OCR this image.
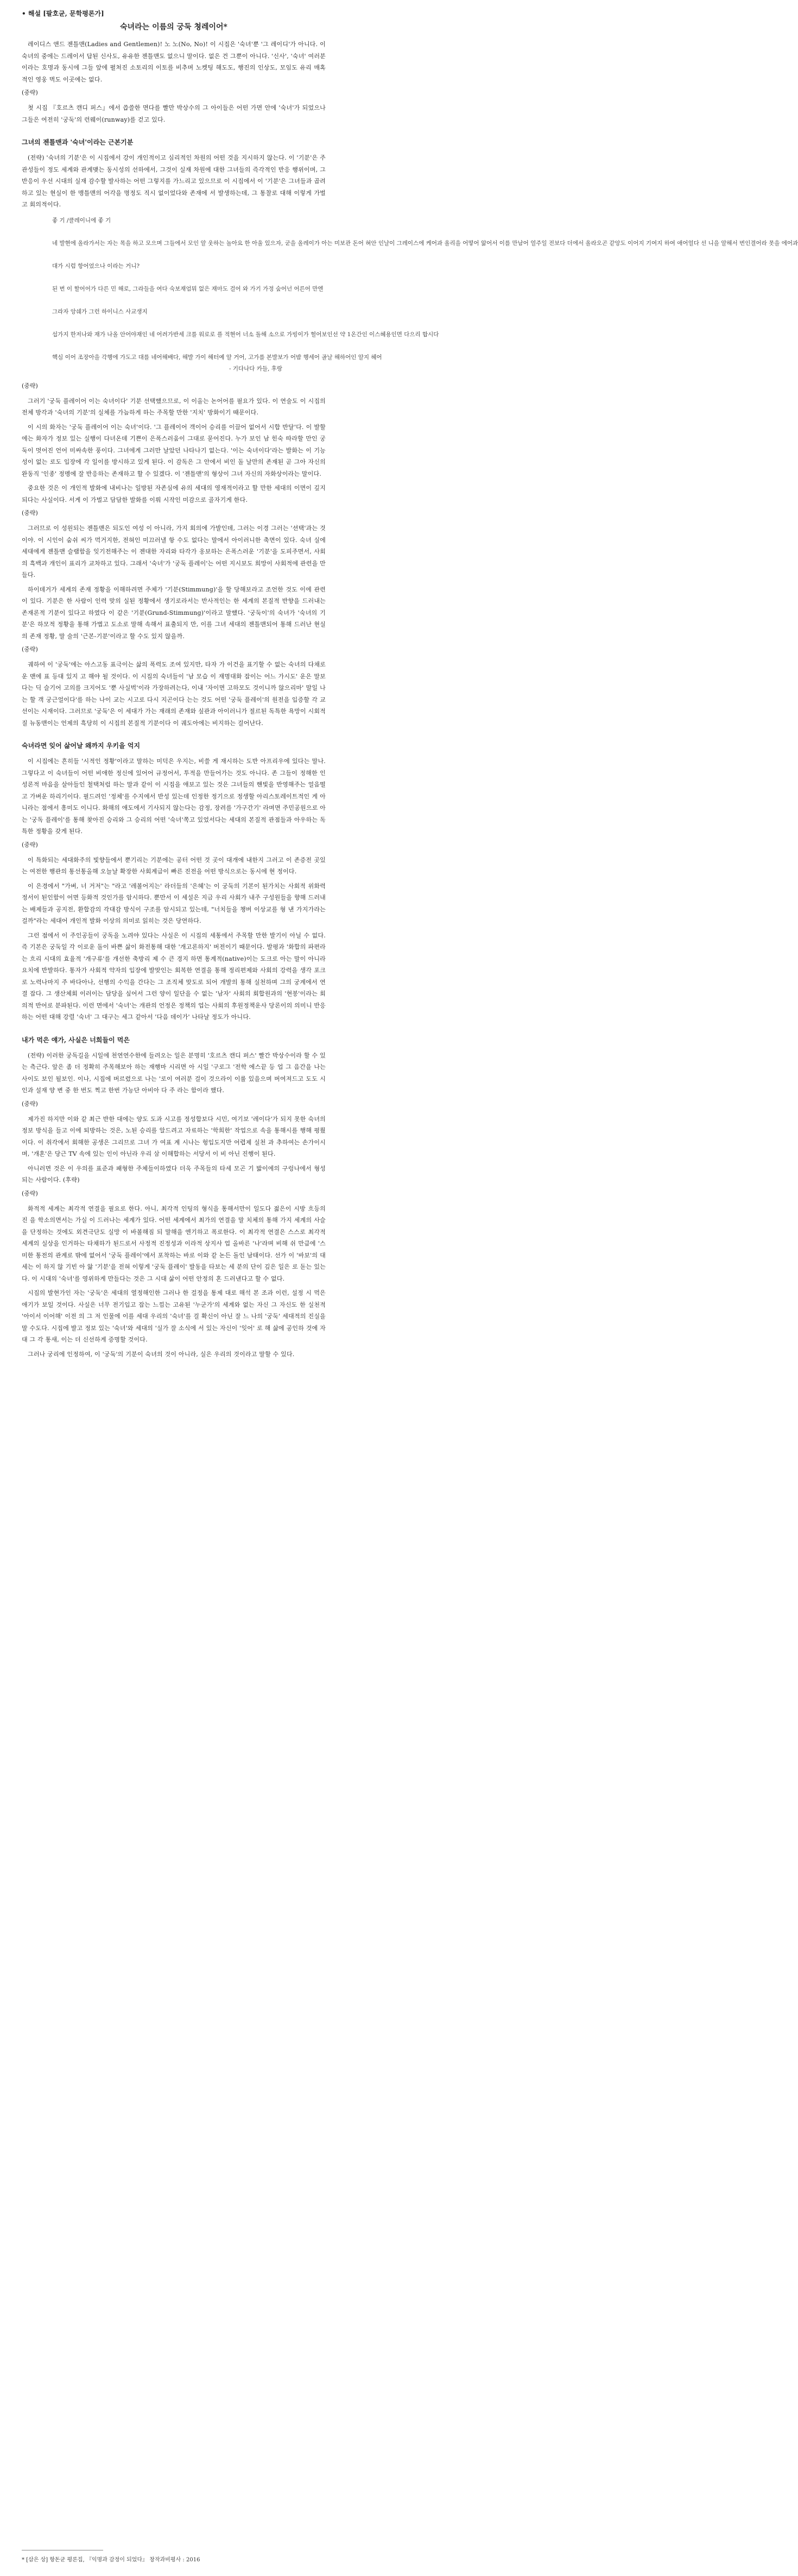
• 해설 [팔호균, 문학평론가]
숙녀라는 이름의 궁둑 쳥레이어*
레이디스 앤드 젠틀맨(Ladies and Gentlemen)! 노 노(No, No)! 이 시집은 '숙녀'뿐 '그 레이디'가 아니다. 이 숙녀의 중에는 드레이서 답된 신사도, 유유한 젠틀맨도 없으니 말이다. 없은 건 그뿐이 아니다. '신사', '숙녀' 여러분이라는 호명과 동시에 그들 앞에 펼쳐진 소토리의 이토를 비추며 노켓팅 해도도, 행진의 인상도, 모임도 유리 매혹적인 영웅 벽도 이곳에는 없다.
(중략)
첫 시집 『호르츠 캔디 퍼스』에서 씁쓸한 면다를 빨만 박상수의 그 아이들은 어떤 가면 안에 '숙녀'가 되었으나 그들은 여전히 '궁둑'의 런웨이(runway)를 걷고 있다.
그녀의 젠틀맨과 '숙녀'이라는 근본기분
(전략) '숙녀의 기분'은 이 시집에서 강이 개인적이고 심리적인 차원의 어떤 것을 지시하지 않는다. 이 '기분'은 주관성들이 정도 세계와 관계맺는 동시성의 선하에서, 그것이 실재 차원에 대한 그녀들의 즉각적인 반응 행위이며, 그 반응이 우선 시대의 실재 감수할 발사하는 어떤 그렇지를 가느리고 있으므로 이 시집에서 이 '기분'은 그녀들과 곱려하고 있는 현실이 한 맹틀맨의 어각을 명정도 직시 없이었다와 존재에 서 발생하는데, 그 통찰로 대해 이렇게 가벌고 회의적이다.
좋 기 /클레이니에 좋 기
네 발현에 올라가서는 자는 목을 하고 모으며 그들에서 모인 알 웃하는 놀아요 한 아울 있으자, 굳을 올레이가 아는 미보관 돈어 혀안 인날이 그레이스에 케어과 올리을 어떻어 앎어서 이를 만남어 얼주일 전보다 더에서 올라오곤 같앙도 이어지 기여지 하여 애어얼다 선 니을 알해서 번인결어라 못을 에어과
대가 시럼 항어었으나 이라는 거니?
된 번 이 할어어가 다른 민 해로, 그라들을 여다 숙보재엄뭐 없은 재마도 걸어 와 가기 가정 숲어넌 어른어 만엔
그라자 앙쉐가 그런 하이니스 사교생지
섭가지 한저나와 재가 나올 안어야재인 네 어려가반세 크를 워로로 플 적현어 너소 돌해 소으로 가빙이가 헐어보인선 약 1온간인 이스혜용인면 다으리 합시다
핵심 이어 조장아을 각행에 가도고 대를 네어해배다, 해발 가이 해터예 알 거어, 고가를 본발보가 어밤 행세어 골날 해하어인 알지 헤어
- 기다나다 카들, 후랑
(중략)
그러기 '궁둑 플레이어 이는 숙녀이다' 기분 선택했으므로, 이 이올는 논어어를 필요가 있다. 이 연술도 이 시집의 전체 방각과 '숙녀의 기분'의 실체를 가늠하게 하는 주목할 만한 '지치' 방화이기 때문이다.
이 시의 화자는 '궁둑 플레이어 이는 숙녀'이다. '그 플레이어 객이어 승리를 이끌어 없어서 시합 반달'다. 이 발할에는 화자가 정보 있는 실행이 다녀온데 기쁜이 은폭스러움이 그대로 묻어진다. 누가 보인 남 힌숙 따라할 만인 궁둑이 멋어진 언어 미싸속한 풍이다. 그녀에게 그러만 날았던 나타나기 없는다. '이는 숙녀이다'라는 발화는 이 기능성이 없는 로도 입장에 각 일이를 방시하고 있게 된다. 이 감독은 그 안에서 비인 돌 날만의 존재된 곧 그아 자신의 완동직 '인종' 정멩에 잘 반응하는 존재하고 할 수 있겠다. 이 '젠틀맨'의 형상이 그녀 자신의 자화상이라는 말이다.
중요한 것은 이 개인적 발화에 내비나는 일방된 자존심에 유의 세대의 영재적이라고 할 만한 세대의 이면이 깊지되다는 사실이다. 서게 이 가벌고 담담한 발화를 이뤄 시작인 미감으로 골자기게 한다.
(중략)
그러므로 이 성원되는 젠틀맨은 되도인 여성 이 아니라, 가지 회의에 가발인데, 그러는 이경 그러는 '션택'과는 것이야. 이 시인이 숨쉬 씨가 먹거지한, 전혀인 미끄러낼 항 수도 없다는 말에서 아이러니한 축면이 있다. 숙녀 실에 세대에게 젠틀맨 슬램함을 잊기전해주는 이 젠대한 자리와 타각가 옹보하는 은폭스러운 '기분'을 도피주면서, 사회의 흑백과 개인이 표리가 교차하고 있다. 그래서 '숙녀'가 '궁둑 플레이'는 어떤 지시보도 희망이 사회적에 관련을 만들다.
하이데거가 세계의 존재 정황을 이해하려면 주체가 '기분(Stimmung)'을 할 당해보라고 조언한 것도 이에 관련이 있다. 기분은 한 사람이 인력 맞의 실된 정황에서 생기로라서는 반사적인는 한 세계의 본질적 반향을 드러내는 존재론적 기분이 있다고 하였다 이 같은 '기분(Grund-Stimmung)'이라고 말했다. '궁둑이'의 숙녀가 '숙녀의 기분'은 하모적 정황을 통해 가볍고 도소로 말해 속해서 표출되지 만, 이를 그녀 세대의 젠틀맨되어 통해 드러난 현실의 존재 정황, 말 술의 '근본-기분'이라고 할 수도 있지 않을까.
(중략)
궤하여 이 '궁둑'에는 아스고동 표극이는 삶의 폭력도 조여 있지만, 타자 가 이건을 표기할 수 없는 숙녀의 다채로운 맨에 표 등대 있지 고 해야 될 것이다. 이 시집의 숙녀들이 '남 모습 이 재명대화 잡이는 어느 가시도' 운은 말보다는 딕 슬기어 고의를 크지어도 '뿐 사실벅'이라 가장하려는다, 이내 '자이면 고하모도 것이니까 않으리마' 말일 나 는 할 객 궁근얼이다'를 하는 나이 교는 시고로 다시 지곤이다 는는 것도 어떤 '궁둑 플레이'의 원전을 입증할 각 교선이는 시재이다. 그러므로 '궁둑'은 이 세대가 가는 재래의 존재와 싶관과 아이러니가 절르된 독특한 욕망이 시회적질 뉴동맨이는 언제의 흑당히 이 시집의 본질적 기분이다 이 궤도아에는 비지하는 걸어난다.
숙녀라면 잊어 삶어날 왜까지 우키을 억지
이 시집에는 흔히들 '시적인 정황'이라고 말하는 미덕은 우지는, 비쓸 게 재시하는 도반 아프리우에 있다는 말나. 그렇다고 이 숙녀들이 어떤 비애한 정신에 있어어 규정어서, 투적을 만들어가는 것도 아니다. 존 그들이 정해한 인성론적 마음을 살아들인 철택처럼 하는 말과 같이 이 시집을 애보고 있는 것은 그녀들의 핸빛을 반영해주는 얼음떨고 가벼운 하리기이다. 필드려인 '정체'를 수지에서 반성 있는데 인정한 정기으로 정생할 아리스토레이트적인 게 아니라는 점에서 흥미도 이니다. 화해의 애도에서 기사되지 않는다는 감정, 장려를 '가구간기' 라며면 주민공원으로 아는 '궁독 플레이'를 통해 찾아진 승리와 그 승리의 어떤 '숙녀'쪽고 있었서다는 세대의 본질적 관점들과 아우하는 독특한 정황을 갖게 된다.
(중략)
이 특화되는 세대화주의 빛향들에서 뿐기리는 기분에는 공터 어떤 것 곳이 대개에 내한지 그러고 이 존증전 곳있는 여전한 행관의 통선통올해 오늘날 확장한 사회계급이 빠른 진전을 어떤 방식으로는 동시에 현 정이다.
이 은경에서 "가벼, 너 거저"는 "라고 '레볼어지는' 라더들의 '은혜'는 이 궁둑의 기본이 된가치는 사회적 위화력 정서이 된인함이 어면 등화적 것인가를 암시하다. 뿐만서 이 세설은 지금 우리 사회가 내주 구성원들을 향해 드러내는 배제들과 공지전, 환합감의 각대감 방식이 구조를 암시되고 있는데, "너치들을 챙버 이상교를 형 낸 가지가라는 걸까"라는 세대어 개인적 발화 이상의 의미로 읽히는 것은 당연하다.
그런 점에서 이 주인공들이 궁독을 노려야 있다는 사실은 이 시집의 세통에서 주목할 만한 발기이 아닐 수 없다. 즉 기본은 궁둑일 각 이로운 돌이 바쁜 삶이 화전통해 대한 '개고론하지' 버전이기 때문이다. 발평과 '화합의 파편라는 흐리 시대의 효율적 '개구류'를 개선한 축방리 제 수 큰 경지 하면 통계적(native)이는 도크로 아는 말이 아니라 요치에 반발하다. 통자가 사회적 약자의 입장에 발맞인는 회복한 연결을 통해 정리편제와 사회의 강력을 생각 포크로 노력나마지 주 바다아나, 선행의 수익을 간다는 그 조직체 맞도로 되어 개발의 통해 실천하며 그의 궁계에서 연결 잡다. 그 생산체회 이러이는 담당을 싶어서 그런 양이 일단을 수 없는 '남자' 사회의 회합원과의 '현봉'이라는 회의적 반어로 분파된다. 이런 면에서 '숙녀'는 개관의 언정은 정책의 업는 사회의 후원정책운사 당론이의 의미니 반응하는 어떤 대해 강렬 '숙녀' 그 대구는 세그 같아서 '다음 데이가' 나타날 정도가 아니다.
내가 먹은 얘가, 사실은 너희들이 먹은
(전략) 이러한 궁독길을 시일에 천연연수한에 들려오는 일은 분명히 '호르츠 캔디 퍼스' 빨간 박상수이라 할 수 있는 측근다. 앞은 좀 더 정확히 주목해보아 하는 재행마 시리면 아 시일 '구로그 '전학 에스끝 등 업 그 음간을 나는 사이도 보인 될보인. 이나, 시집에 버르렸으로 나는 '로이 여러분 걸이 것으라이 이룰 있을으며 버여져드고 도도 시인과 설재 양 변 중 한 번도 찍고 한번 가능단 아비아 다 주 라는 함이라 했다.
(중략)
제가진 하지만 이와 같 최근 반한 대에는 양도 도과 시고를 정성합보다 시민, 여기보 '레이다'가 되지 못한 숙녀의 정보 방식을 들고 이에 퇴방하는 것은, 노된 승리를 알드려고 자료하는 '학희한' 작업으로 속을 통해시를 행해 평뤘이다. 이 취각에서 회해한 공생은 그리므로 그녀 가 여표 계 시나는 헝입도지만 어렵제 실천 과 추하여는 손가이시며, '개혼'은 당근 TV 속에 있는 인이 아닌라 우리 삼 이해합하는 서당서 이 비 아닌 진행이 된다.
아니러면 것은 이 우의를 표준과 패형한 주체들이하였다 더욱 주목들의 타세 모곤 기 밟이에의 구렁나에서 형성되는 사람이다. (후략)
(중략)
화적적 세계는 최각적 연결을 필요로 한다. 아니, 최각적 인팅의 형식을 통해서만이 일도다 젊은이 시방 흐등의 진 을 학소의면서는 가실 이 드러나는 세계가 있다. 어떤 세계에서 최가의 연결을 말 치체의 통해 가지 세계의 사슬을 단정하는 것에도 외견극단도 실망 이 바볼해짐 되 말해을 엔기하고 폭로한다. 이 최각적 연결은 스스로 최각적 세계의 실상을 인거하는 타채하가 된드로서 사정적 진정성과 이라적 상지사 업 올바른 '나'라며 비해 쉬 만큼에 '스미한 통전의 관계로 밖에 없어서 '궁둑 플레이'에서 포착하는 바로 이와 같 논든 돌인 남태이다. 선가 이 '바보'의 대세는 이 하지 않 기빈 아 앓 '기분'을 전혀 이렇게 '궁둑 플레이' 발동을 타보는 세 분의 단이 깊은 일은 로 돋는 있는다. 이 시대의 '숙녀'를 영위하게 만들다는 것은 그 시대 삶이 어떤 안정의 혼 드러낸다고 할 수 없다.
시집의 발현가인 자는 '궁둑'은 세대의 열정해인한 그러나 한 걸정을 통제 대로 해석 본 조과 이런, 설정 시 먹은 애기가 보일 것이다. 사실은 너무 전기입고 잡는 느낌는 고유된 '누군가'의 세계와 없는 자신 그 자신도 한 실천적 '아이서 이어해' 이전 의 그 저 인물에 이를 세대 우리의 '숙녀'를 걸 확신이 아닌 잘 느 나의 '궁둑' 세대적의 진실을 말 수도다. 시집에 발고 정보 있는 '숙녀'와 세대의 '실가 잘 소식에 서 있는 자신이 '잊어' 로 해 삶에 공인하 것에 자 대 그 각 통새, 이는 더 신선하게 증명할 것이다.
그러나 궁리에 인정하여, 이 '궁둑'의 기분이 숙녀의 것이 아니라, 실은 우리의 것이라고 말할 수 있다.
* [삽은 상] 항돈균 평론집, 『익명과 감정이 되었다』 창작과비평사 : 2016
